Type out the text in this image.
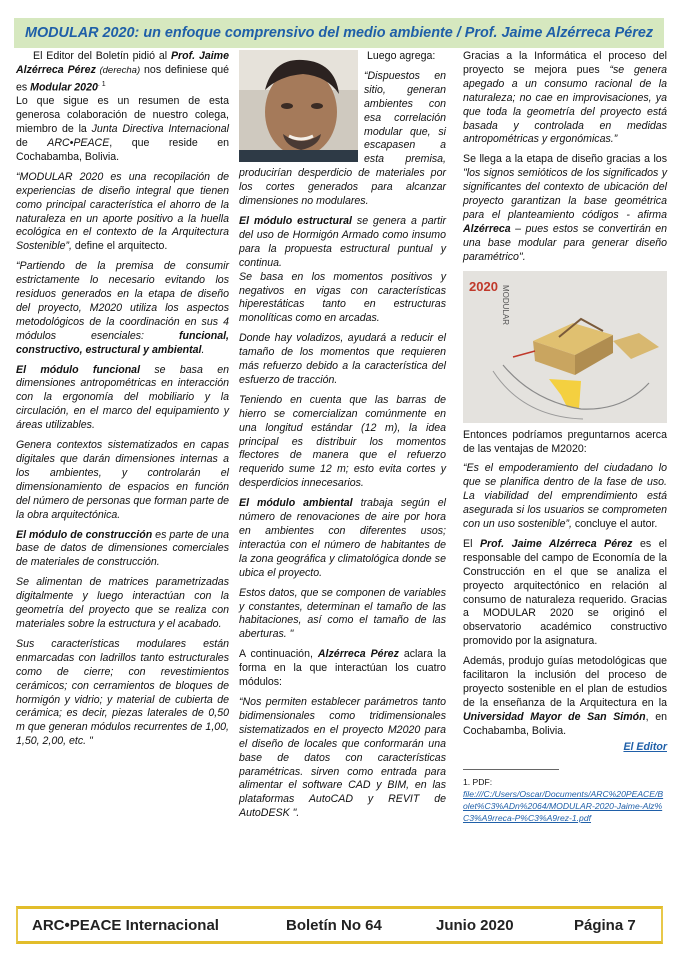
MODULAR 2020: un enfoque comprensivo del medio ambiente / Prof. Jaime Alzérreca Pérez

El Editor del Boletín pidió al Prof. Jaime Alzérreca Pérez (derecha) nos definiese qué es Modular $2020^{. 1}$
Lo que sigue es un resumen de esta generosa colaboración de nuestro colega, miembro de la Junta Directiva Internacional de ARC•PEACE, que reside en Cochabamba, Bolivia.

“MODULAR 2020 es una recopilación de experiencias de diseño integral que tienen como principal característica el ahorro de la naturaleza en un aporte positivo a la huella ecológica en el contexto de la Arquitectura Sostenible”, define el arquitecto.

“Partiendo de la premisa de consumir estrictamente lo necesario evitando los residuos generados en la etapa de diseño del proyecto, M2020 utiliza los aspectos metodológicos de la coordinación en sus 4 módulos esenciales: funcional, constructivo, estructural y ambiental.

El módulo funcional se basa en dimensiones antropométricas en interacción con la ergonomía del mobiliario y la circulación, en el marco del equipamiento y áreas utilizables.

Genera contextos sistematizados en capas digitales que darán dimensiones internas a los ambientes, y controlarán el dimensionamiento de espacios en función del número de personas que forman parte de la obra arquitectónica.

El módulo de construcción es parte de una base de datos de dimensiones comerciales de materiales de construcción.

Se alimentan de matrices parametrizadas digitalmente y luego interactúan con la geometría del proyecto que se realiza con materiales sobre la estructura y el acabado.

Sus características modulares están enmarcadas con ladrillos tanto estructurales como de cierre; con revestimientos cerámicos; con cerramientos de bloques de hormigón y vidrio; y material de cubierta de cerámica; es decir, piezas laterales de 0,50 m que generan módulos recurrentes de 1,00, 1,50, 2,00, etc. "

Luego agrega:

“Dispuestos en sitio, generan ambientes con esa correlación modular que, si escapasen a esta premisa, producirían desperdicio de materiales por los cortes generados para alcanzar dimensiones no modulares.

El módulo estructural se genera a partir del uso de Hormigón Armado como insumo para la propuesta estructural puntual y continua.
Se basa en los momentos positivos y negativos en vigas con características hiperestáticas tanto en estructuras monolíticas como en arcadas.

Donde hay voladizos, ayudará a reducir el tamaño de los momentos que requieren más refuerzo debido a la característica del esfuerzo de tracción.

Teniendo en cuenta que las barras de hierro se comercializan comúnmente en una longitud estándar (12 m), la idea principal es distribuir los momentos flectores de manera que el refuerzo requerido sume 12 m; esto evita cortes y desperdicios innecesarios.

El módulo ambiental trabaja según el número de renovaciones de aire por hora en ambientes con diferentes usos; interactúa con el número de habitantes de la zona geográfica y climatológica donde se ubica el proyecto.

Estos datos, que se componen de variables y constantes, determinan el tamaño de las habitaciones, así como el tamaño de las aberturas. "

A continuación, Alzérreca Pérez aclara la forma en la que interactúan los cuatro módulos:

“Nos permiten establecer parámetros tanto bidimensionales como tridimensionales sistematizados en el proyecto M2020 para el diseño de locales que conformarán una base de datos con características paramétricas. sirven como entrada para alimentar el software CAD y BIM, en las plataformas AutoCAD y REVIT de AutoDESK ".

Gracias a la Informática el proceso del proyecto se mejora pues “se genera apegado a un consumo racional de la naturaleza; no cae en improvisaciones, ya que toda la geometría del proyecto está basada y controlada en medidas antropométricas y ergonómicas.”

Se llega a la etapa de diseño gracias a los "los signos semióticos de los significados y significantes del contexto de ubicación del proyecto garantizan la base geométrica para el planteamiento códigos - afirma Alzérreca – pues estos se convertirán en una base modular para generar diseño paramétrico".

2020 MODULAR

Entonces podríamos preguntarnos acerca de las ventajas de M2020:

“Es el empoderamiento del ciudadano lo que se planifica dentro de la fase de uso. La viabilidad del emprendimiento está asegurada si los usuarios se comprometen con un uso sostenible”, concluye el autor.

El Prof. Jaime Alzérreca Pérez es el responsable del campo de Economía de la Construcción en el que se analiza el proyecto arquitectónico en relación al consumo de naturaleza requerido. Gracias a MODULAR 2020 se originó el observatorio académico constructivo promovido por la asignatura.

Además, produjo guías metodológicas que facilitaron la inclusión del proceso de proyecto sostenible en el plan de estudios de la enseñanza de la Arquitectura en la Universidad Mayor de San Simón, en Cochabamba, Bolivia.

El Editor
1. PDF:
file:///C:/Users/Oscar/Documents/ARC%20PEACE/Bolet%C3%ADn%2064/MODULAR-2020-Jaime-Alz%C3%A9rreca-P%C3%A9rez-1.pdf
ARC•PEACE Internacional	Boletín No 64	Junio 2020	Página 7
